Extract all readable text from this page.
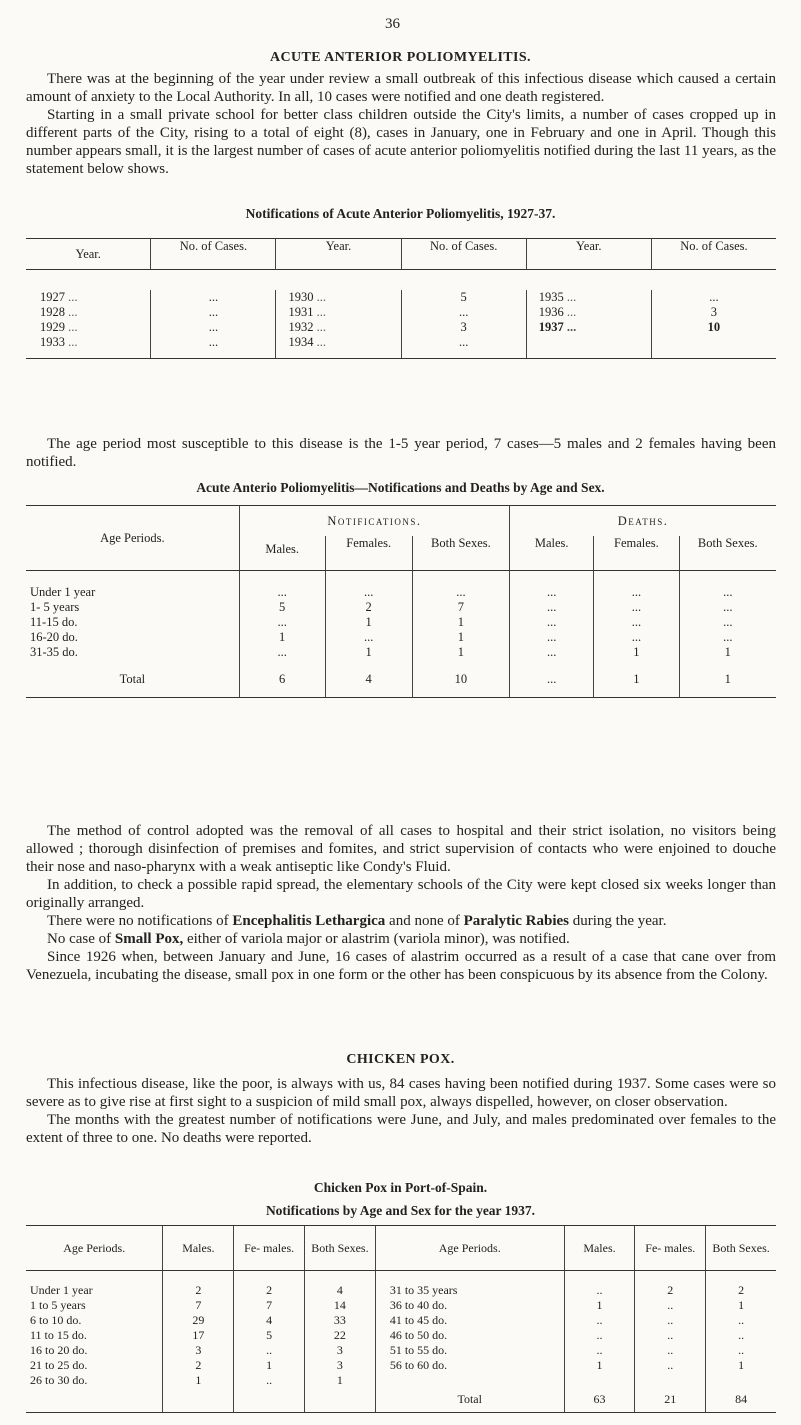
36
ACUTE ANTERIOR POLIOMYELITIS.

There was at the beginning of the year under review a small outbreak of this infectious disease which caused a certain amount of anxiety to the Local Authority. In all, 10 cases were notified and one death registered.

Starting in a small private school for better class children outside the City's limits, a number of cases cropped up in different parts of the City, rising to a total of eight (8), cases in January, one in February and one in April. Though this number appears small, it is the largest number of cases of acute anterior poliomyelitis notified during the last 11 years, as the statement below shows.

Notifications of Acute Anterior Poliomyelitis, 1927-37.
Year.	No. of Cases.	Year.	No. of Cases.	Year.	No. of Cases.

1927 ...	...	1930 ...	5	1935 ...	...
1928 ...	...	1931 ...	...	1936 ...	3
1929 ...	...	1932 ...	3	1937 ...	10
1933 ...	...	1934 ...	...		

The age period most susceptible to this disease is the 1-5 year period, 7 cases—5 males and 2 females having been notified.

Acute Anterio Poliomyelitis—Notifications and Deaths by Age and Sex.
Age Periods.	Notifications.			Deaths.		
	Males.	Females.	Both Sexes.	Males.	Females.	Both Sexes.

Under 1 year	...	...	...	...	...	...
1- 5 years	5	2	7	...	...	...
11-15 do.	...	1	1	...	...	...
16-20 do.	1	...	1	...	...	...
31-35 do.	...	1	1	...	1	1

Total	6	4	10	...	1	1

The method of control adopted was the removal of all cases to hospital and their strict isolation, no visitors being allowed ; thorough disinfection of premises and fomites, and strict supervision of contacts who were enjoined to douche their nose and naso-pharynx with a weak antiseptic like Condy's Fluid.

In addition, to check a possible rapid spread, the elementary schools of the City were kept closed six weeks longer than originally arranged.

There were no notifications of Encephalitis Lethargica and none of Paralytic Rabies during the year.

No case of Small Pox, either of variola major or alastrim (variola minor), was notified.

Since 1926 when, between January and June, 16 cases of alastrim occurred as a result of a case that cane over from Venezuela, incubating the disease, small pox in one form or the other has been conspicuous by its absence from the Colony.

CHICKEN POX.

This infectious disease, like the poor, is always with us, 84 cases having been notified during 1937. Some cases were so severe as to give rise at first sight to a suspicion of mild small pox, always dispelled, however, on closer observation.

The months with the greatest number of notifications were June, and July, and males predominated over females to the extent of three to one. No deaths were reported.

Chicken Pox in Port-of-Spain.
Notifications by Age and Sex for the year 1937.
Age Periods.	Males.	Fe- males.	Both Sexes.	Age Periods.	Males.	Fe- males.	Both Sexes.

Under 1 year	2	2	4	31 to 35 years	..	2	2
1 to 5 years	7	7	14	36 to 40 do.	1	..	1
6 to 10 do.	29	4	33	41 to 45 do.	..	..	..
11 to 15 do.	17	5	22	46 to 50 do.	..	..	..
16 to 20 do.	3	..	3	51 to 55 do.	..	..	..
21 to 25 do.	2	1	3	56 to 60 do.	1	..	1
26 to 30 do.	1	..	1				
				Total	63	21	84
